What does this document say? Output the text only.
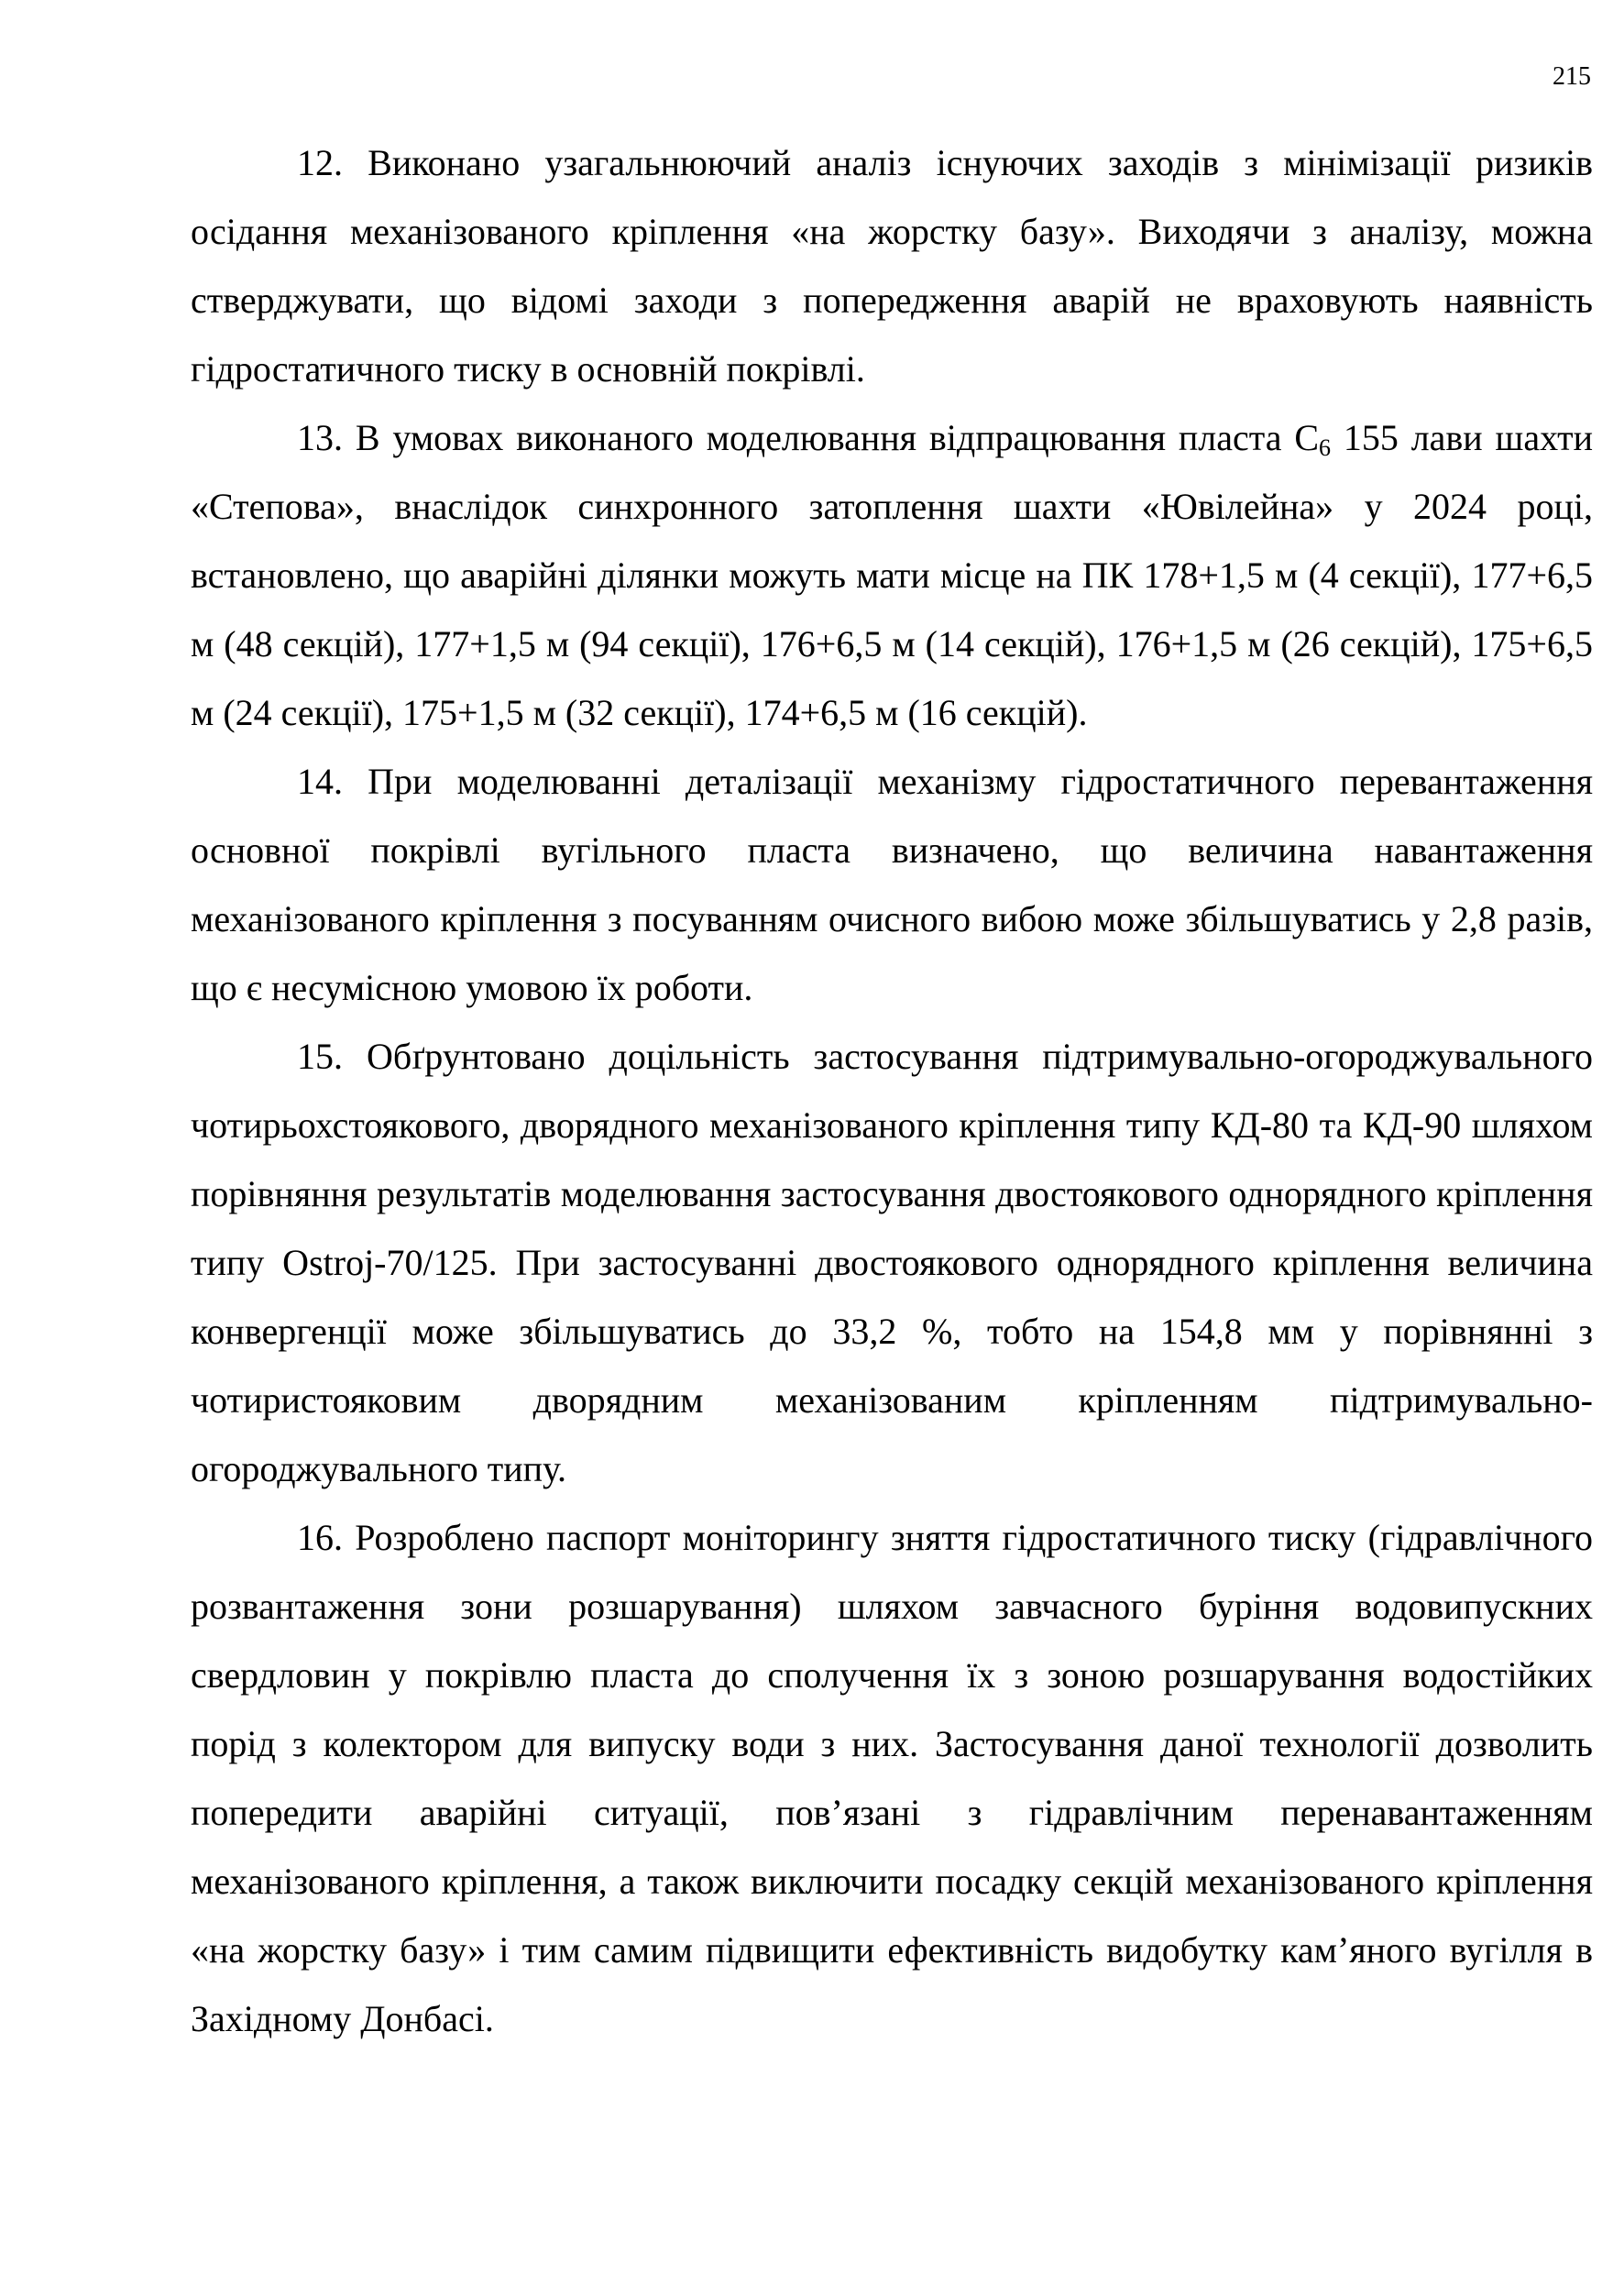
215

12. Виконано узагальнюючий аналіз існуючих заходів з мінімізації ризиків осідання механізованого кріплення «на жорстку базу». Виходячи з аналізу, можна стверджувати, що відомі заходи з попередження аварій не враховують наявність гідростатичного тиску в основній покрівлі.

13. В умовах виконаного моделювання відпрацювання пласта $С_6$ 155 лави шахти «Степова», внаслідок синхронного затоплення шахти «Ювілейна» у 2024 році, встановлено, що аварійні ділянки можуть мати місце на ПК 178+1,5 м (4 секції), 177+6,5 м (48 секцій), 177+1,5 м (94 секції), 176+6,5 м (14 секцій), 176+1,5 м (26 секцій), 175+6,5 м (24 секції), 175+1,5 м (32 секції), 174+6,5 м (16 секцій).

14. При моделюванні деталізації механізму гідростатичного перевантаження основної покрівлі вугільного пласта визначено, що величина навантаження механізованого кріплення з посуванням очисного вибою може збільшуватись у 2,8 разів, що є несумісною умовою їх роботи.

15. Обґрунтовано доцільність застосування підтримувально-огороджувального чотирьохстоякового, дворядного механізованого кріплення типу КД-80 та КД-90 шляхом порівняння результатів моделювання застосування двостоякового однорядного кріплення типу Ostroj-70/125. При застосуванні двостоякового однорядного кріплення величина конвергенції може збільшуватись до 33,2 %, тобто на 154,8 мм у порівнянні з чотиристояковим дворядним механізованим кріпленням підтримувально-огороджувального типу.

16. Розроблено паспорт моніторингу зняття гідростатичного тиску (гідравлічного розвантаження зони розшарування) шляхом завчасного буріння водовипускних свердловин у покрівлю пласта до сполучення їх з зоною розшарування водостійких порід з колектором для випуску води з них. Застосування даної технології дозволить попередити аварійні ситуації, пов’язані з гідравлічним перенавантаженням механізованого кріплення, а також виключити посадку секцій механізованого кріплення «на жорстку базу» і тим самим підвищити ефективність видобутку кам’яного вугілля в Західному Донбасі.
